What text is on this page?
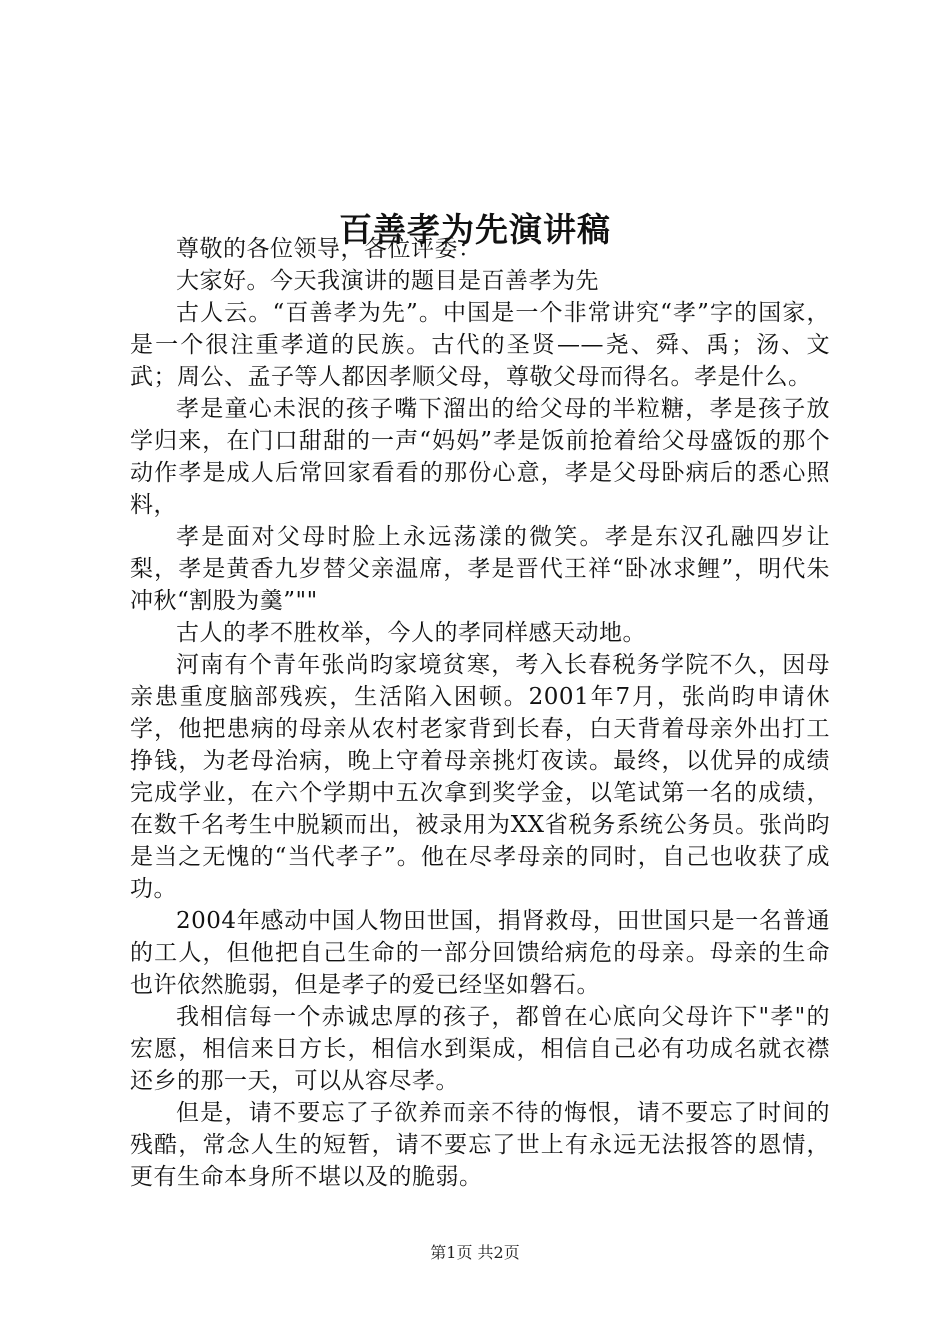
百善孝为先演讲稿

尊敬的各位领导，各位评委：

大家好。今天我演讲的题目是百善孝为先

古人云。“百善孝为先”。中国是一个非常讲究“孝”字的国家，是一个很注重孝道的民族。古代的圣贤——尧、舜、禹；汤、文武；周公、孟子等人都因孝顺父母，尊敬父母而得名。孝是什么。

孝是童心未泯的孩子嘴下溜出的给父母的半粒糖，孝是孩子放学归来，在门口甜甜的一声“妈妈”孝是饭前抢着给父母盛饭的那个动作孝是成人后常回家看看的那份心意，孝是父母卧病后的悉心照料，

孝是面对父母时脸上永远荡漾的微笑。孝是东汉孔融四岁让梨，孝是黄香九岁替父亲温席，孝是晋代王祥“卧冰求鲤”，明代朱冲秋“割股为羹”""

古人的孝不胜枚举，今人的孝同样感天动地。

河南有个青年张尚昀家境贫寒，考入长春税务学院不久，因母亲患重度脑部残疾，生活陷入困顿。2001年7月，张尚昀申请休学，他把患病的母亲从农村老家背到长春，白天背着母亲外出打工挣钱，为老母治病，晚上守着母亲挑灯夜读。最终，以优异的成绩完成学业，在六个学期中五次拿到奖学金，以笔试第一名的成绩，在数千名考生中脱颖而出，被录用为XX省税务系统公务员。张尚昀是当之无愧的“当代孝子”。他在尽孝母亲的同时，自己也收获了成功。

2004年感动中国人物田世国，捐肾救母，田世国只是一名普通的工人，但他把自己生命的一部分回馈给病危的母亲。母亲的生命也许依然脆弱，但是孝子的爱已经坚如磐石。

我相信每一个赤诚忠厚的孩子，都曾在心底向父母许下"孝"的宏愿，相信来日方长，相信水到渠成，相信自己必有功成名就衣襟还乡的那一天，可以从容尽孝。

但是，请不要忘了子欲养而亲不待的悔恨，请不要忘了时间的残酷，常念人生的短暂，请不要忘了世上有永远无法报答的恩情，更有生命本身所不堪以及的脆弱。

第1页 共2页
